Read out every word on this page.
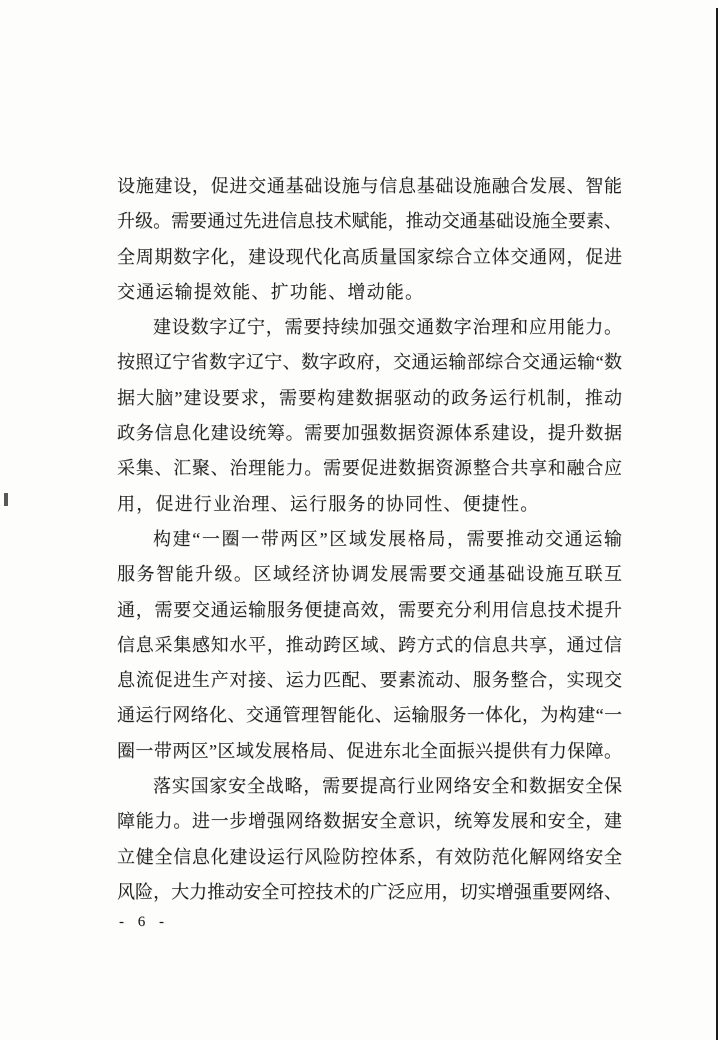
设施建设，促进交通基础设施与信息基础设施融合发展、智能
升级。需要通过先进信息技术赋能，推动交通基础设施全要素、
全周期数字化，建设现代化高质量国家综合立体交通网，促进
交通运输提效能、扩功能、增动能。
建设数字辽宁，需要持续加强交通数字治理和应用能力。
按照辽宁省数字辽宁、数字政府，交通运输部综合交通运输“数
据大脑”建设要求，需要构建数据驱动的政务运行机制，推动
政务信息化建设统筹。需要加强数据资源体系建设，提升数据
采集、汇聚、治理能力。需要促进数据资源整合共享和融合应
用，促进行业治理、运行服务的协同性、便捷性。
构建“一圈一带两区”区域发展格局，需要推动交通运输
服务智能升级。区域经济协调发展需要交通基础设施互联互
通，需要交通运输服务便捷高效，需要充分利用信息技术提升
信息采集感知水平，推动跨区域、跨方式的信息共享，通过信
息流促进生产对接、运力匹配、要素流动、服务整合，实现交
通运行网络化、交通管理智能化、运输服务一体化，为构建“一
圈一带两区”区域发展格局、促进东北全面振兴提供有力保障。
落实国家安全战略，需要提高行业网络安全和数据安全保
障能力。进一步增强网络数据安全意识，统筹发展和安全，建
立健全信息化建设运行风险防控体系，有效防范化解网络安全
风险，大力推动安全可控技术的广泛应用，切实增强重要网络、
- 6 -
